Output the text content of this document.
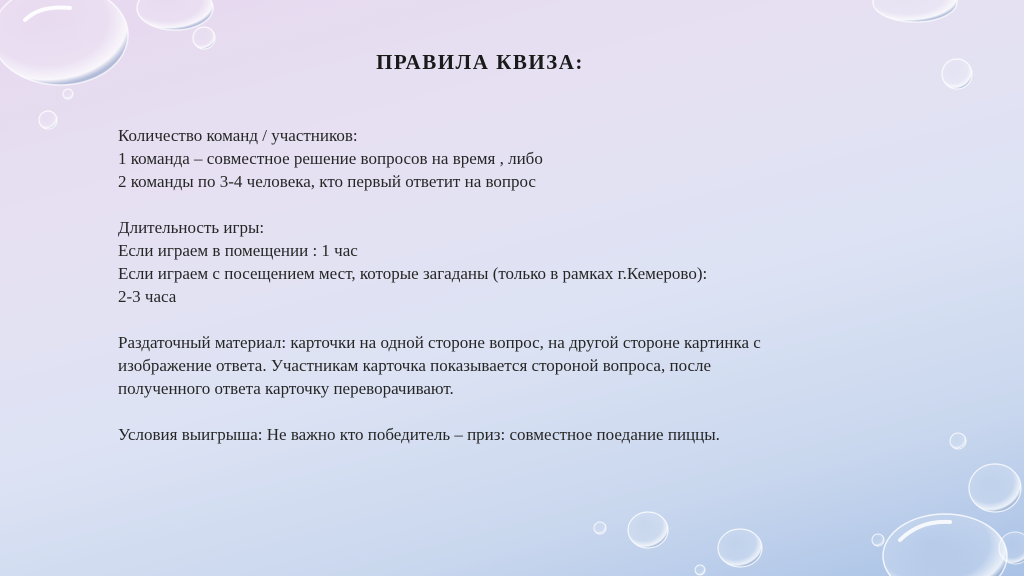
ПРАВИЛА КВИЗА:
Количество команд / участников:
1 команда – совместное решение вопросов на время , либо
2 команды по 3-4 человека, кто первый ответит на вопрос
Длительность игры:
Если играем в помещении : 1 час
Если играем с посещением мест, которые загаданы (только в рамках г.Кемерово):
2-3 часа
Раздаточный материал: карточки на одной стороне вопрос, на другой стороне картинка с изображение ответа. Участникам карточка показывается стороной вопроса, после полученного ответа карточку переворачивают.
Условия выигрыша: Не важно кто победитель – приз: совместное поедание пиццы.
